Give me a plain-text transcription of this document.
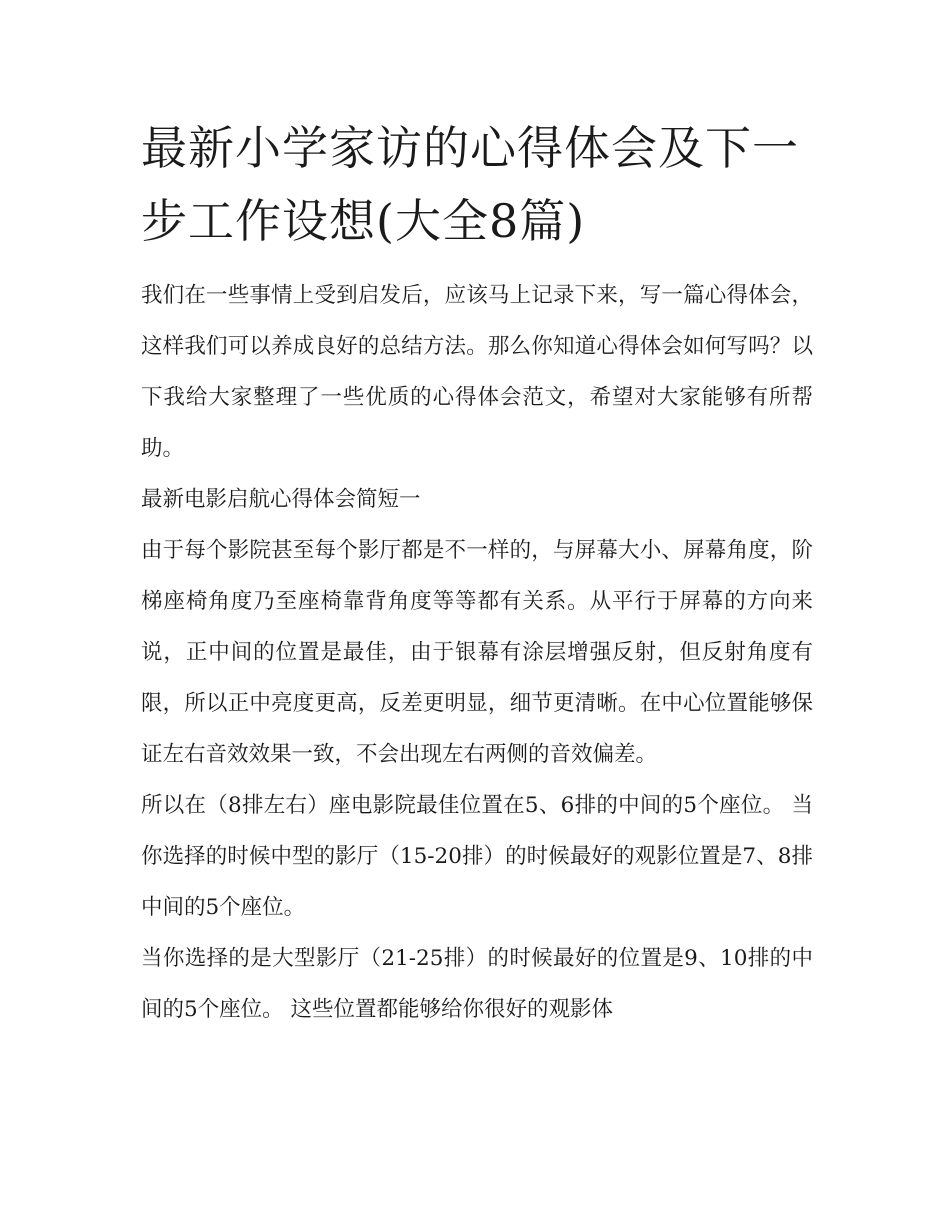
最新小学家访的心得体会及下一步工作设想(大全8篇)

我们在一些事情上受到启发后，应该马上记录下来，写一篇心得体会，这样我们可以养成良好的总结方法。那么你知道心得体会如何写吗？以下我给大家整理了一些优质的心得体会范文，希望对大家能够有所帮助。

最新电影启航心得体会简短一

由于每个影院甚至每个影厅都是不一样的，与屏幕大小、屏幕角度，阶梯座椅角度乃至座椅靠背角度等等都有关系。从平行于屏幕的方向来说，正中间的位置是最佳，由于银幕有涂层增强反射，但反射角度有限，所以正中亮度更高，反差更明显，细节更清晰。在中心位置能够保证左右音效效果一致，不会出现左右两侧的音效偏差。

所以在（8排左右）座电影院最佳位置在5、6排的中间的5个座位。 当你选择的时候中型的影厅（15-20排）的时候最好的观影位置是7、8排中间的5个座位。

当你选择的是大型影厅（21-25排）的时候最好的位置是9、10排的中间的5个座位。 这些位置都能够给你很好的观影体
